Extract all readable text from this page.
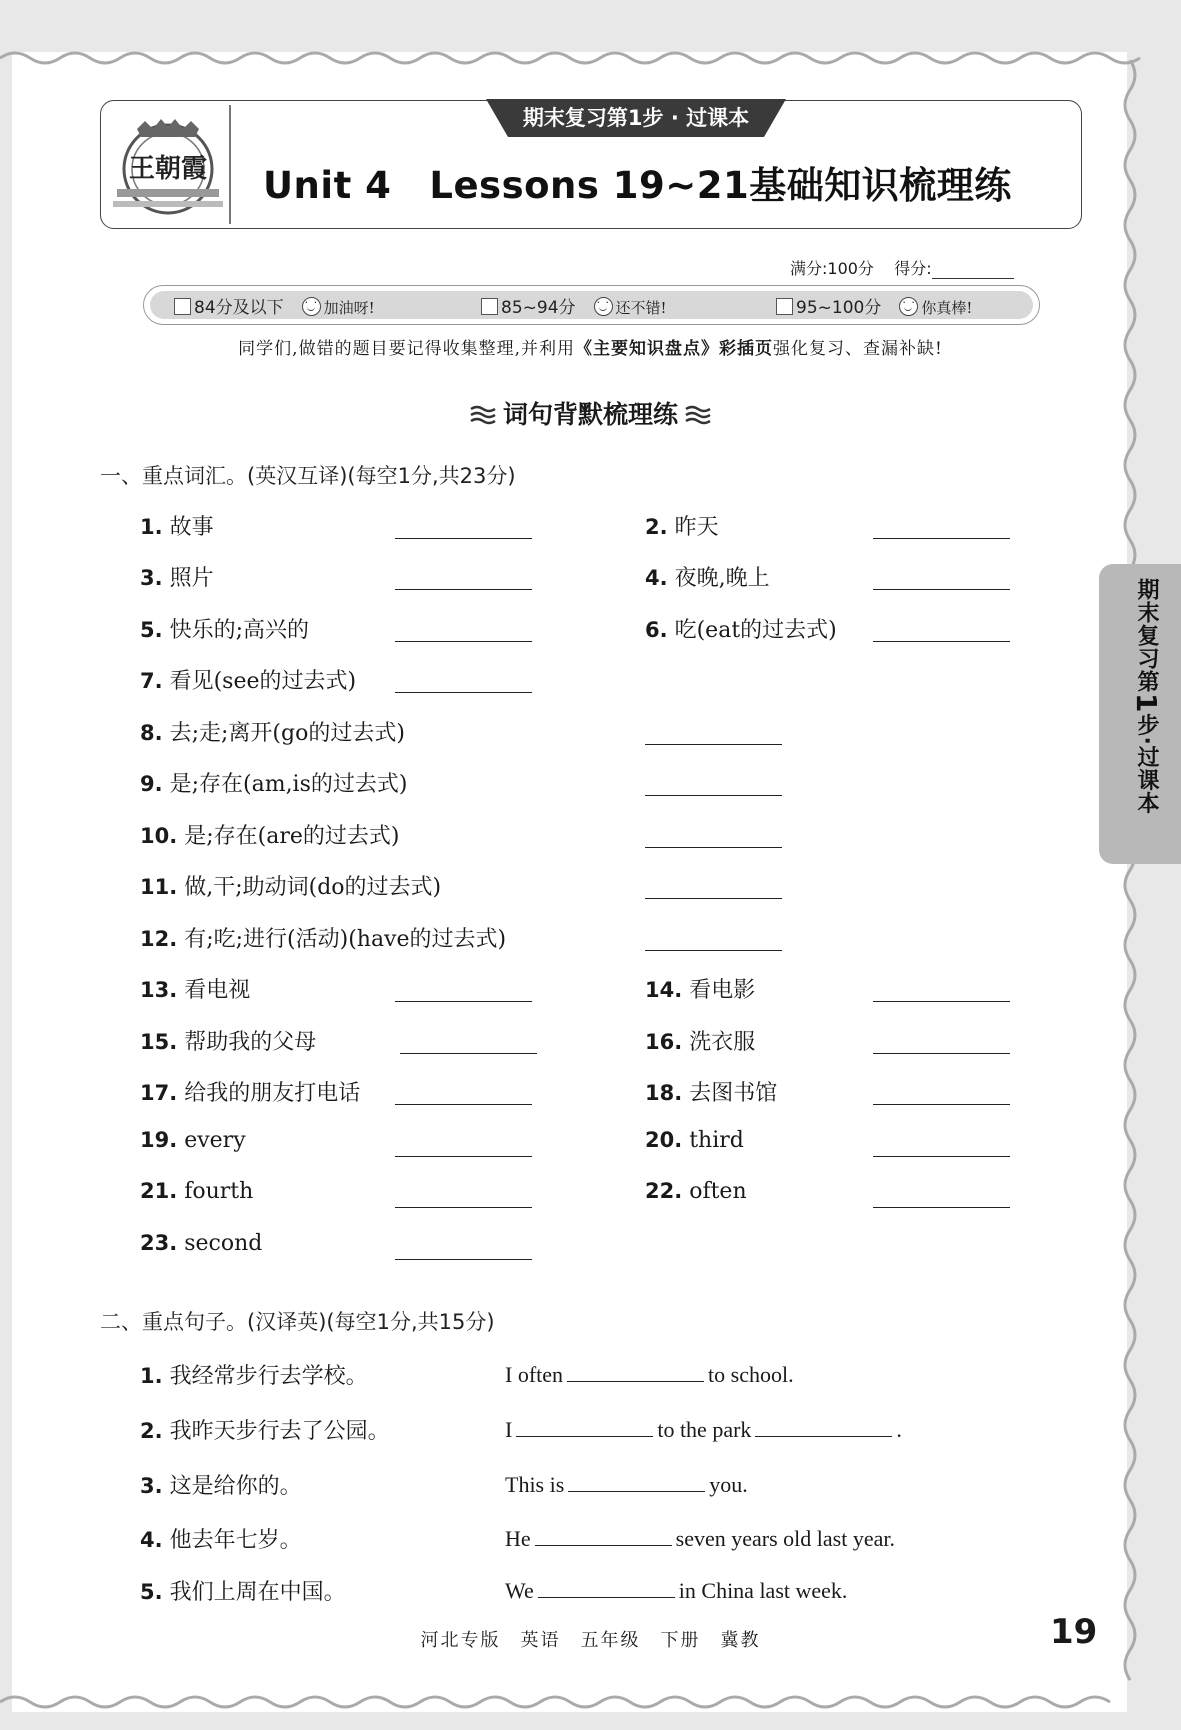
王朝霞
期末复习第1步 · 过课本
Unit 4 Lessons 19~21基础知识梳理练
满分:100分 得分:
84分及以下 · ·	加油呀!	85~94分 · ·	还不错!	95~100分 · ·	你真棒!
同学们,做错的题目要记得收集整理,并利用《主要知识盘点》彩插页强化复习、查漏补缺!
词句背默梳理练
一、重点词汇。(英汉互译)(每空1分,共23分)
1. 故事	2. 昨天
3. 照片	4. 夜晚,晚上
5. 快乐的;高兴的	6. 吃(eat的过去式)
7. 看见(see的过去式)
8. 去;走;离开(go的过去式)
9. 是;存在(am,is的过去式)
10. 是;存在(are的过去式)
11. 做,干;助动词(do的过去式)
12. 有;吃;进行(活动)(have的过去式)
13. 看电视	14. 看电影
15. 帮助我的父母	16. 洗衣服
17. 给我的朋友打电话	18. 去图书馆
19. every	20. third
21. fourth	22. often
23. second
二、重点句子。(汉译英)(每空1分,共15分)
1. 我经常步行去学校。	I often	to school.
2. 我昨天步行去了公园。	I	to the park	.
3. 这是给你的。	This is	you.
4. 他去年七岁。	He	seven years old last year.
5. 我们上周在中国。	We	in China last week.
期末复习第1步·过课本
河北专版 英语 五年级 下册 冀教	19
